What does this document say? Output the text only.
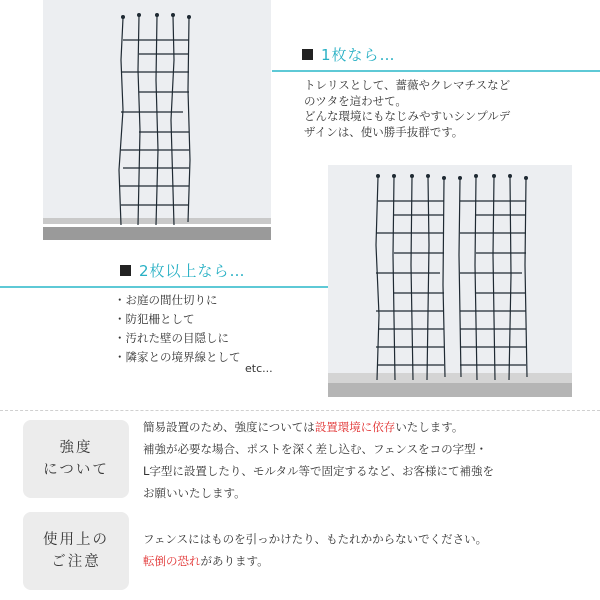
1枚なら…
トレリスとして、薔薇やクレマチスなど
のツタを這わせて。
どんな環境にもなじみやすいシンプルデ
ザインは、使い勝手抜群です。
2枚以上なら…
・お庭の間仕切りに
・防犯柵として
・汚れた壁の目隠しに
・隣家との境界線として
etc...
強度
について
簡易設置のため、強度については設置環境に依存いたします。
補強が必要な場合、ポストを深く差し込む、フェンスをコの字型・
L字型に設置したり、モルタル等で固定するなど、お客様にて補強を
お願いいたします。
使用上の
ご注意
フェンスにはものを引っかけたり、もたれかからないでください。
転倒の恐れがあります。
